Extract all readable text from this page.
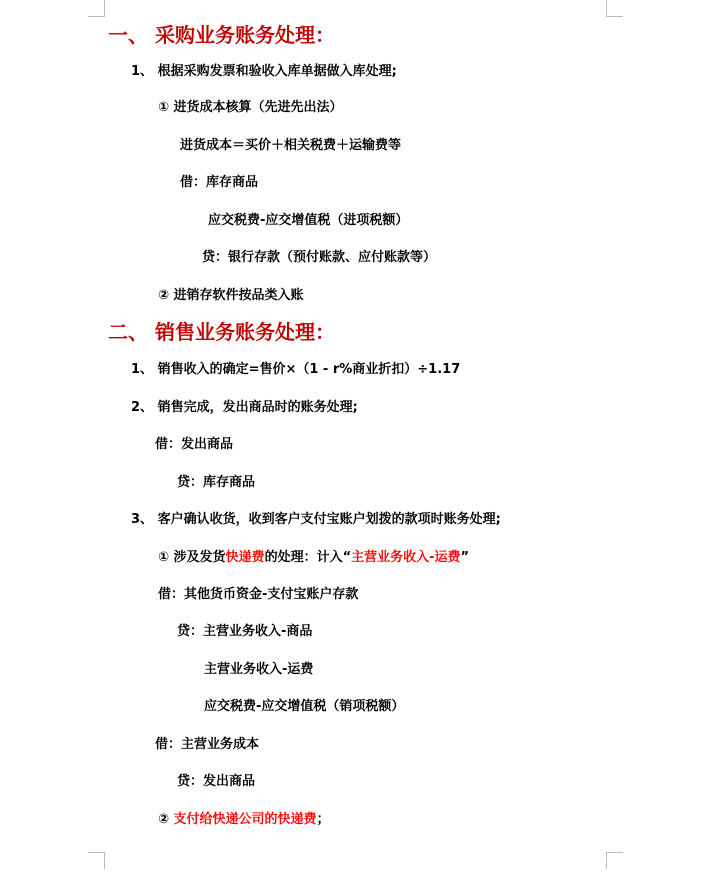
一、 采购业务账务处理：
1、 根据采购发票和验收入库单据做入库处理;
① 进货成本核算（先进先出法）
进货成本＝买价＋相关税费＋运输费等
借：库存商品
应交税费-应交增值税（进项税额）
贷：银行存款（预付账款、应付账款等）
② 进销存软件按品类入账
二、 销售业务账务处理：
1、 销售收入的确定=售价×（1 - r%商业折扣）÷1.17
2、 销售完成，发出商品时的账务处理;
借：发出商品
贷：库存商品
3、 客户确认收货，收到客户支付宝账户划拨的款项时账务处理;
① 涉及发货快递费的处理：计入“主营业务收入-运费”
借：其他货币资金-支付宝账户存款
贷：主营业务收入-商品
主营业务收入-运费
应交税费-应交增值税（销项税额）
借：主营业务成本
贷：发出商品
② 支付给快递公司的快递费；
